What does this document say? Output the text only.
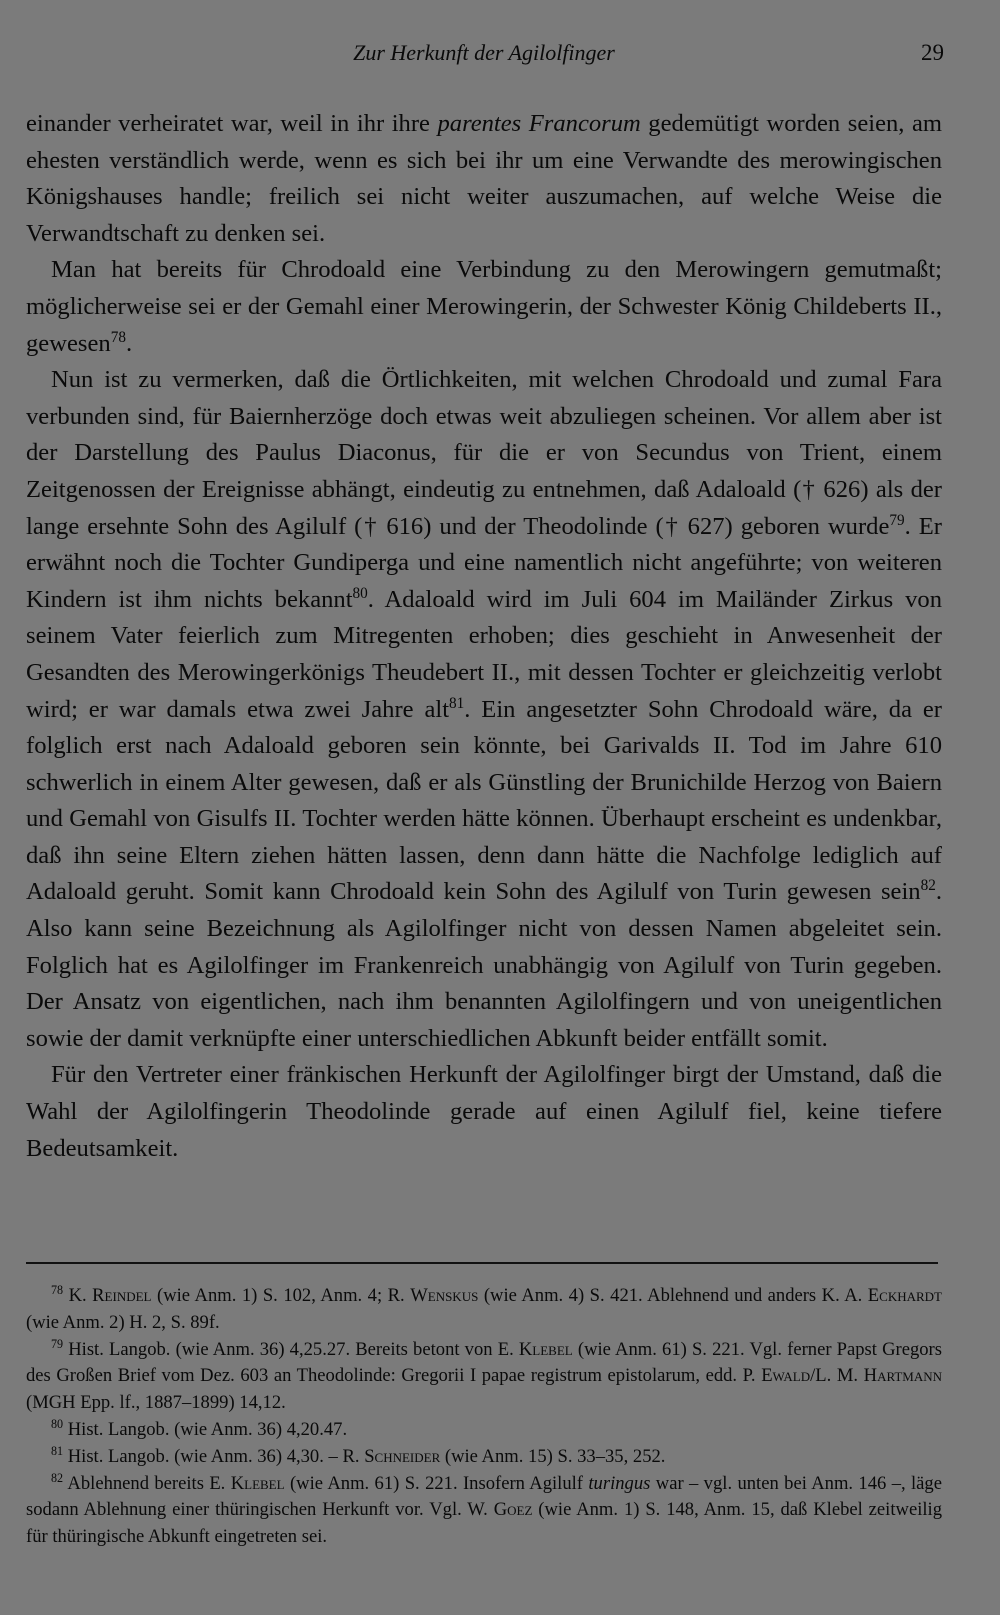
Zur Herkunft der Agilolfinger	29

einander verheiratet war, weil in ihr ihre parentes Francorum gedemütigt worden seien, am ehesten verständlich werde, wenn es sich bei ihr um eine Verwandte des merowingischen Königshauses handle; freilich sei nicht weiter auszumachen, auf welche Weise die Verwandtschaft zu denken sei.

Man hat bereits für Chrodoald eine Verbindung zu den Merowingern gemutmaßt; möglicherweise sei er der Gemahl einer Merowingerin, der Schwester König Childeberts II., gewesen$^{78}$.

Nun ist zu vermerken, daß die Örtlichkeiten, mit welchen Chrodoald und zumal Fara verbunden sind, für Baiernherzöge doch etwas weit abzuliegen scheinen. Vor allem aber ist der Darstellung des Paulus Diaconus, für die er von Secundus von Trient, einem Zeitgenossen der Ereignisse abhängt, eindeutig zu entnehmen, daß Adaloald († 626) als der lange ersehnte Sohn des Agilulf († 616) und der Theodolinde († 627) geboren wurde$^{79}$. Er erwähnt noch die Tochter Gundiperga und eine namentlich nicht angeführte; von weiteren Kindern ist ihm nichts bekannt$^{80}$. Adaloald wird im Juli 604 im Mailänder Zirkus von seinem Vater feierlich zum Mitregenten erhoben; dies geschieht in Anwesenheit der Gesandten des Merowingerkönigs Theudebert II., mit dessen Tochter er gleichzeitig verlobt wird; er war damals etwa zwei Jahre alt$^{81}$. Ein angesetzter Sohn Chrodoald wäre, da er folglich erst nach Adaloald geboren sein könnte, bei Garivalds II. Tod im Jahre 610 schwerlich in einem Alter gewesen, daß er als Günstling der Brunichilde Herzog von Baiern und Gemahl von Gisulfs II. Tochter werden hätte können. Überhaupt erscheint es undenkbar, daß ihn seine Eltern ziehen hätten lassen, denn dann hätte die Nachfolge lediglich auf Adaloald geruht. Somit kann Chrodoald kein Sohn des Agilulf von Turin gewesen sein$^{82}$. Also kann seine Bezeichnung als Agilolfinger nicht von dessen Namen abgeleitet sein. Folglich hat es Agilolfinger im Frankenreich unabhängig von Agilulf von Turin gegeben. Der Ansatz von eigentlichen, nach ihm benannten Agilolfingern und von uneigentlichen sowie der damit verknüpfte einer unterschiedlichen Abkunft beider entfällt somit.

Für den Vertreter einer fränkischen Herkunft der Agilolfinger birgt der Umstand, daß die Wahl der Agilolfingerin Theodolinde gerade auf einen Agilulf fiel, keine tiefere Bedeutsamkeit.

$^{78}$ K. Reindel (wie Anm. 1) S. 102, Anm. 4; R. Wenskus (wie Anm. 4) S. 421. Ablehnend und anders K. A. Eckhardt (wie Anm. 2) H. 2, S. 89f.

$^{79}$ Hist. Langob. (wie Anm. 36) 4,25.27. Bereits betont von E. Klebel (wie Anm. 61) S. 221. Vgl. ferner Papst Gregors des Großen Brief vom Dez. 603 an Theodolinde: Gregorii I papae registrum epistolarum, edd. P. Ewald/L. M. Hartmann (MGH Epp. lf., 1887–1899) 14,12.

$^{80}$ Hist. Langob. (wie Anm. 36) 4,20.47.

$^{81}$ Hist. Langob. (wie Anm. 36) 4,30. – R. Schneider (wie Anm. 15) S. 33–35, 252.

$^{82}$ Ablehnend bereits E. Klebel (wie Anm. 61) S. 221. Insofern Agilulf turingus war – vgl. unten bei Anm. 146 –, läge sodann Ablehnung einer thüringischen Herkunft vor. Vgl. W. Goez (wie Anm. 1) S. 148, Anm. 15, daß Klebel zeitweilig für thüringische Abkunft eingetreten sei.
